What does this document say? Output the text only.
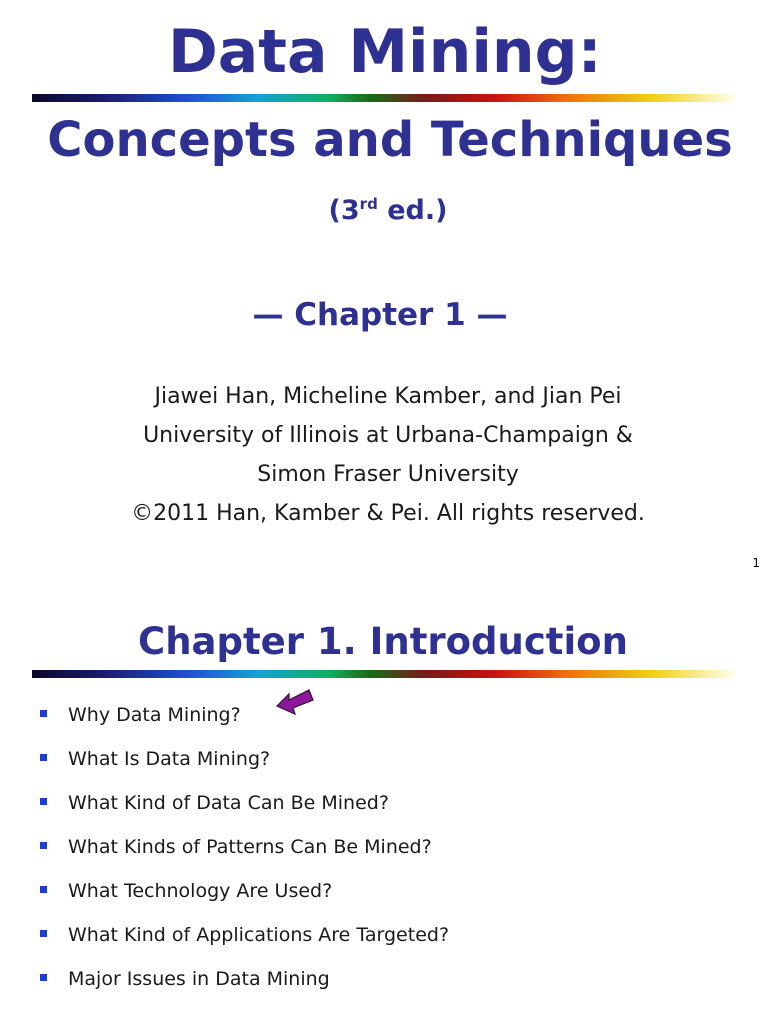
Data Mining:
Concepts and Techniques
(3rd ed.)
— Chapter 1 —
Jiawei Han, Micheline Kamber, and Jian Pei
University of Illinois at Urbana-Champaign &
Simon Fraser University
©2011 Han, Kamber & Pei. All rights reserved.
1
Chapter 1. Introduction
Why Data Mining?
What Is Data Mining?
What Kind of Data Can Be Mined?
What Kinds of Patterns Can Be Mined?
What Technology Are Used?
What Kind of Applications Are Targeted?
Major Issues in Data Mining
